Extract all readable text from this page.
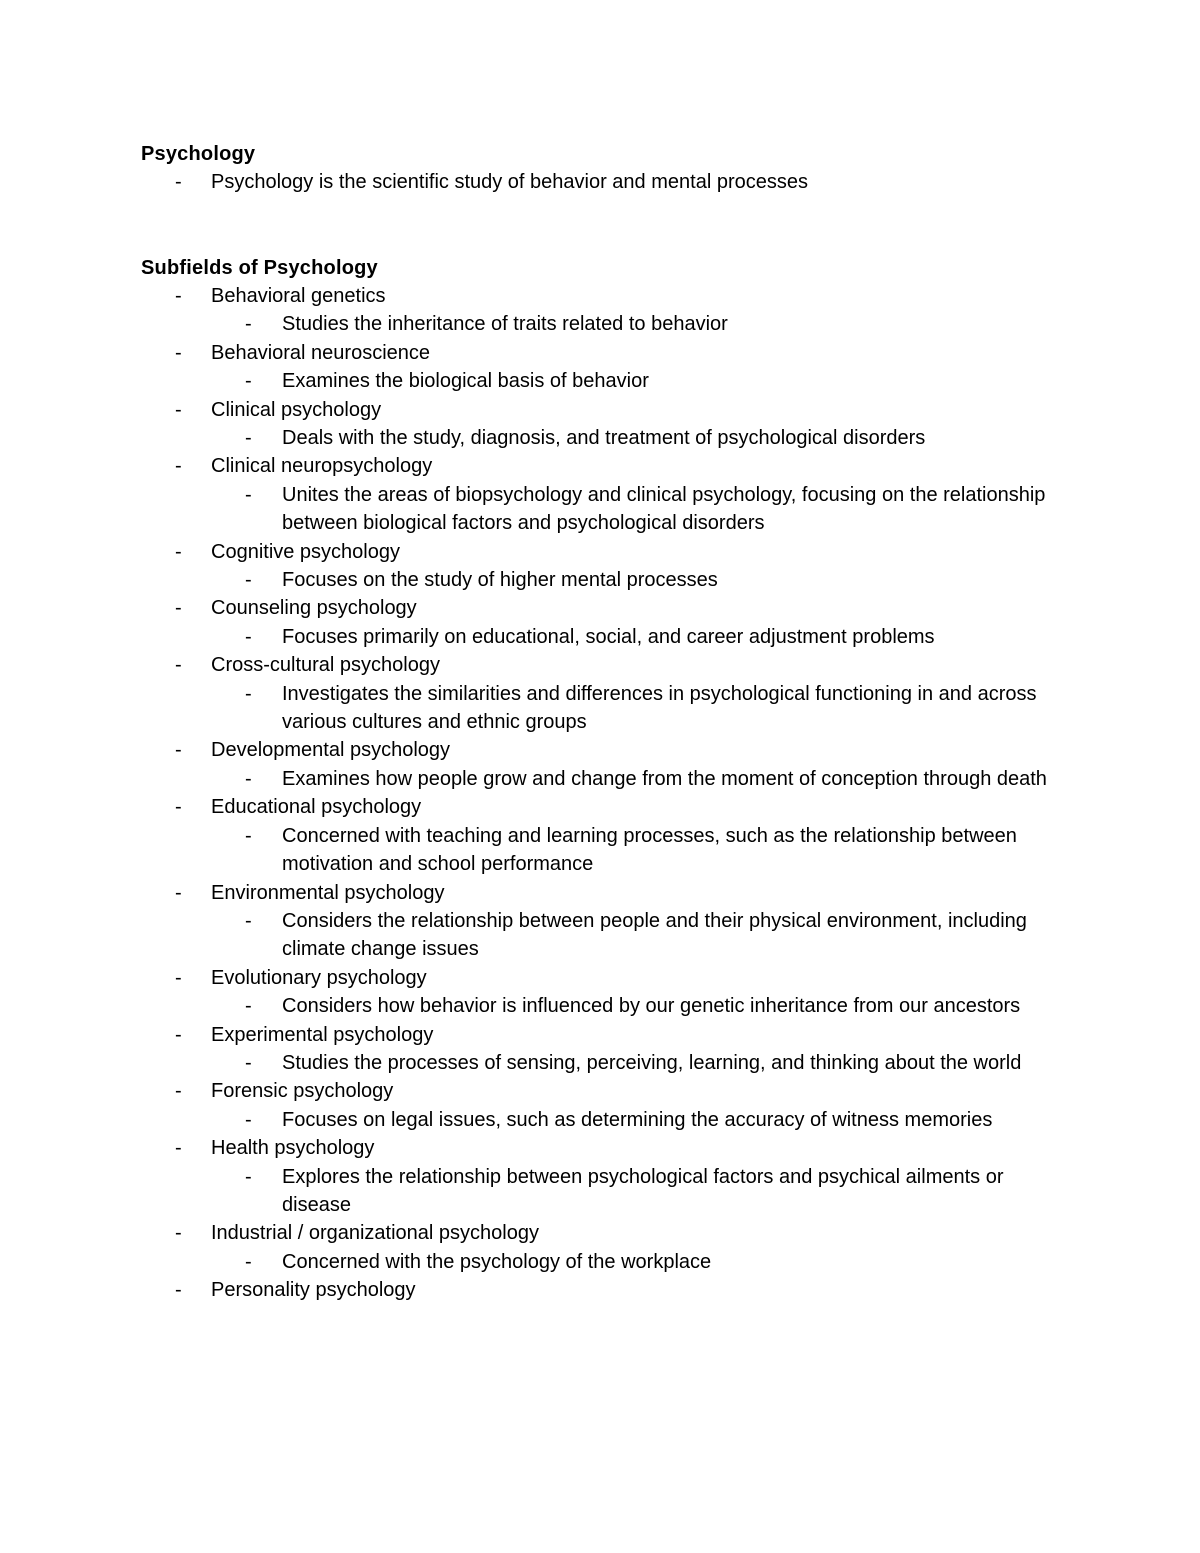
Psychology
-	Psychology is the scientific study of behavior and mental processes
Subfields of Psychology
-	Behavioral genetics
-	Studies the inheritance of traits related to behavior
-	Behavioral neuroscience
-	Examines the biological basis of behavior
-	Clinical psychology
-	Deals with the study, diagnosis, and treatment of psychological disorders
-	Clinical neuropsychology
-	Unites the areas of biopsychology and clinical psychology, focusing on the relationship between biological factors and psychological disorders
-	Cognitive psychology
-	Focuses on the study of higher mental processes
-	Counseling psychology
-	Focuses primarily on educational, social, and career adjustment problems
-	Cross-cultural psychology
-	Investigates the similarities and differences in psychological functioning in and across various cultures and ethnic groups
-	Developmental psychology
-	Examines how people grow and change from the moment of conception through death
-	Educational psychology
-	Concerned with teaching and learning processes, such as the relationship between motivation and school performance
-	Environmental psychology
-	Considers the relationship between people and their physical environment, including climate change issues
-	Evolutionary psychology
-	Considers how behavior is influenced by our genetic inheritance from our ancestors
-	Experimental psychology
-	Studies the processes of sensing, perceiving, learning, and thinking about the world
-	Forensic psychology
-	Focuses on legal issues, such as determining the accuracy of witness memories
-	Health psychology
-	Explores the relationship between psychological factors and psychical ailments or disease
-	Industrial / organizational psychology
-	Concerned with the psychology of the workplace
-	Personality psychology
